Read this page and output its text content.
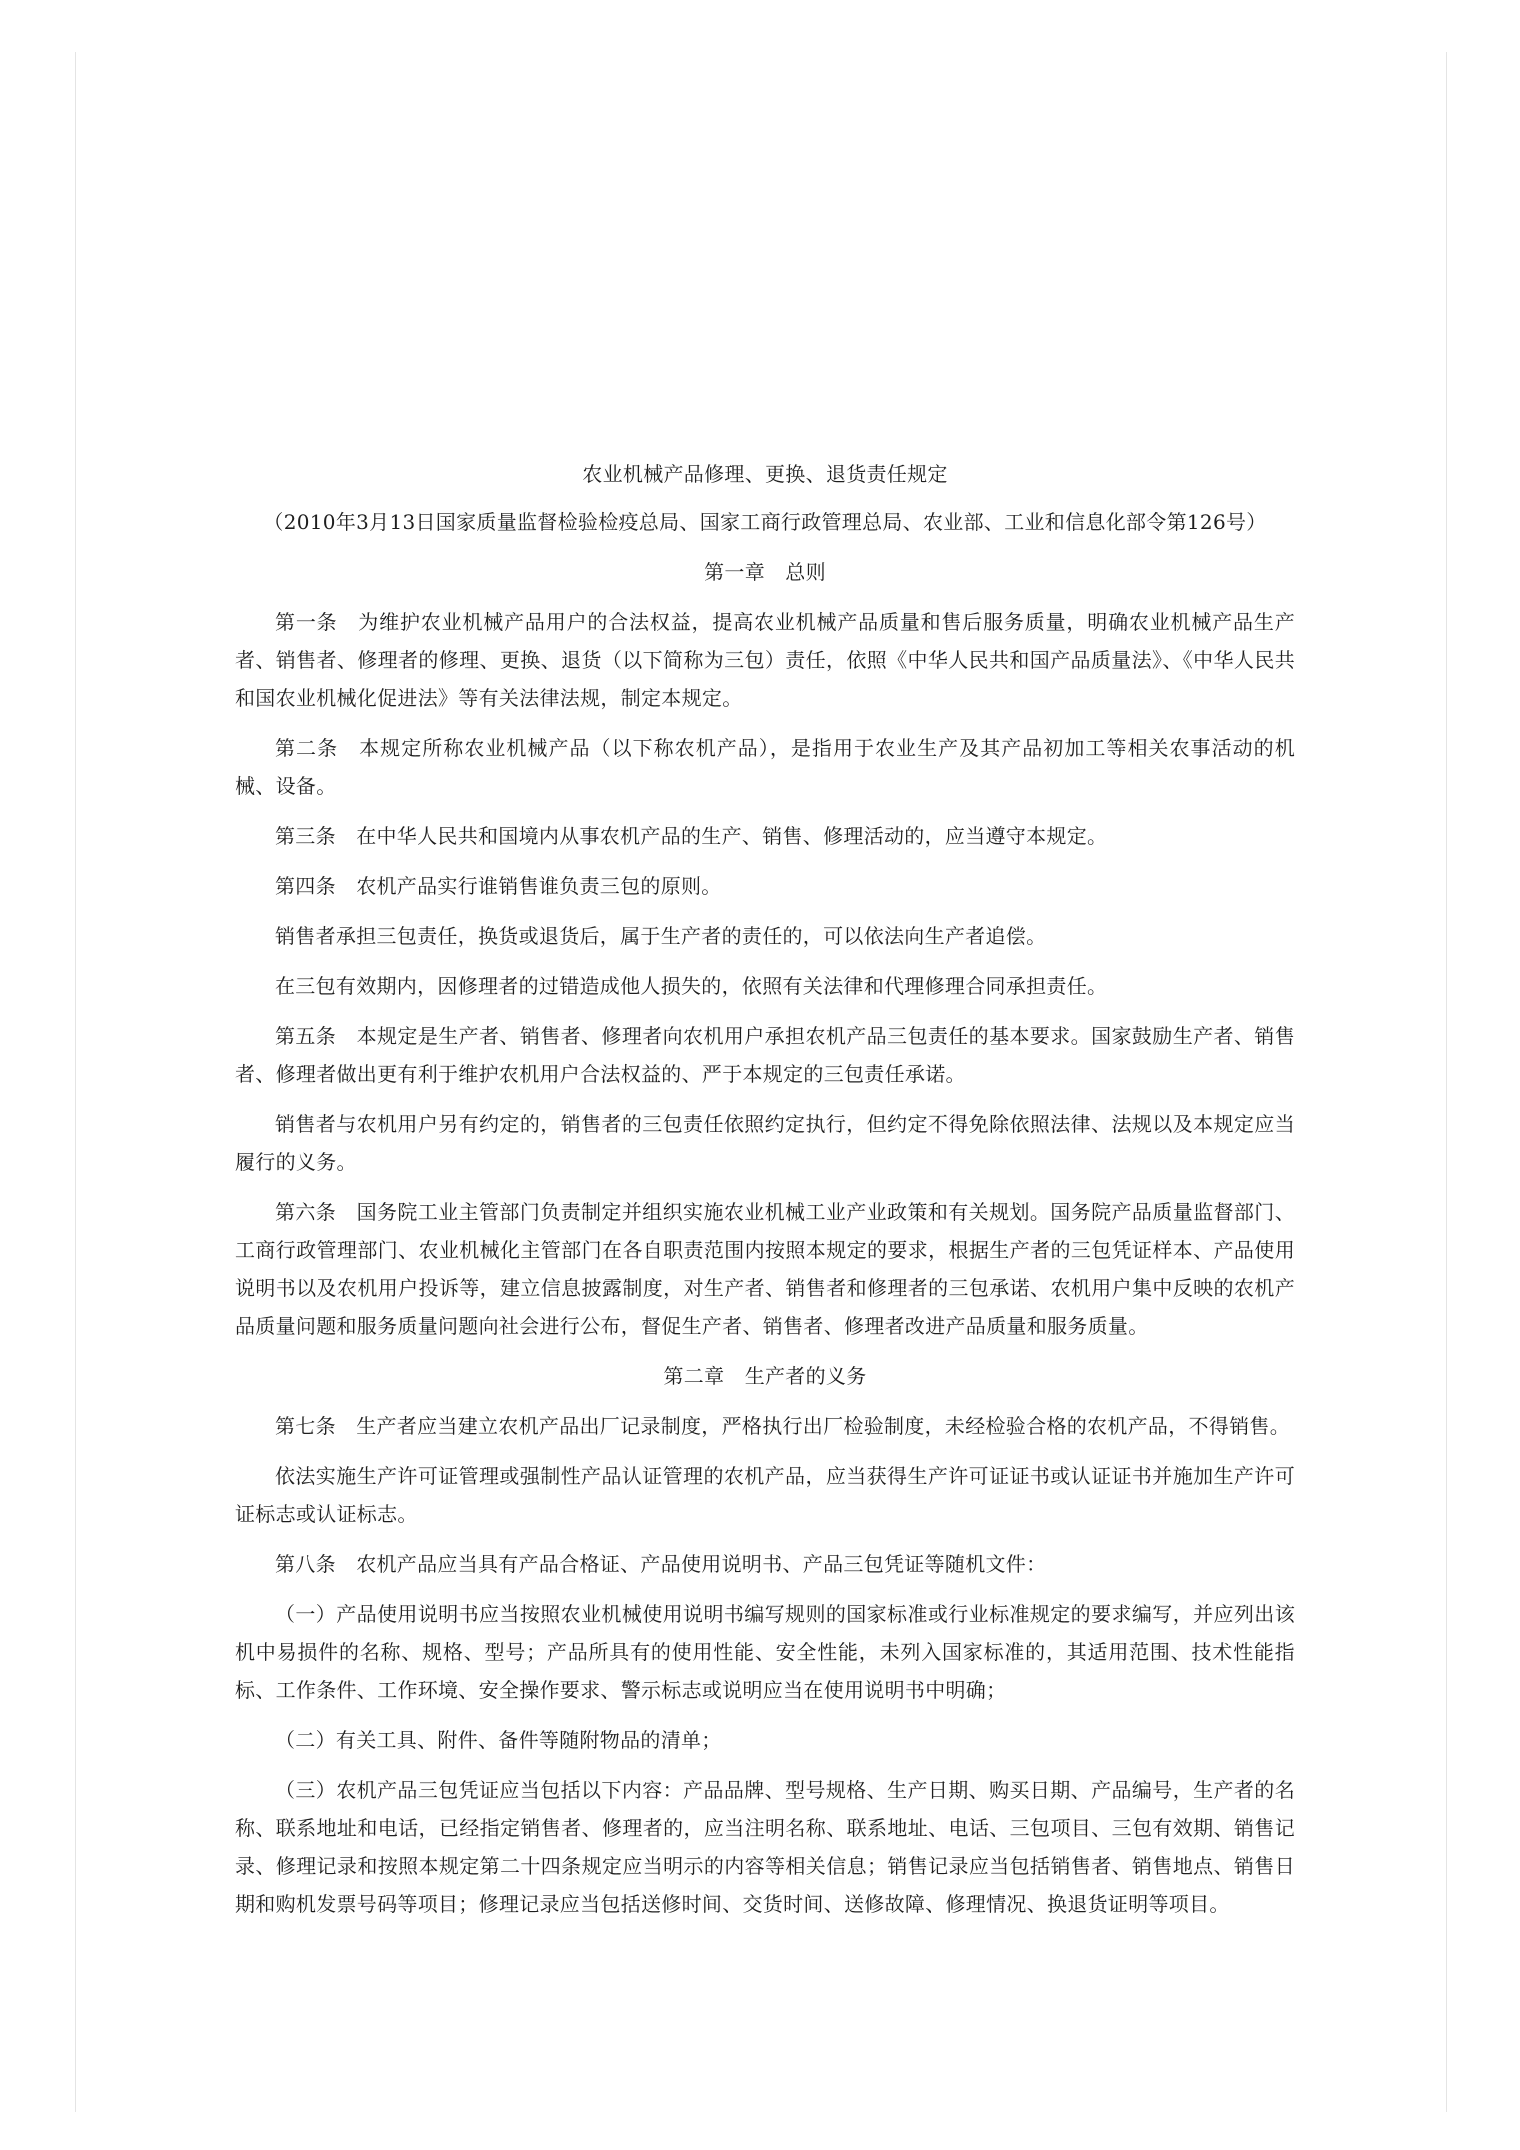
农业机械产品修理、更换、退货责任规定

（2010年3月13日国家质量监督检验检疫总局、国家工商行政管理总局、农业部、工业和信息化部令第126号）

第一章　总则

第一条　为维护农业机械产品用户的合法权益，提高农业机械产品质量和售后服务质量，明确农业机械产品生产者、销售者、修理者的修理、更换、退货（以下简称为三包）责任，依照《中华人民共和国产品质量法》、《中华人民共和国农业机械化促进法》等有关法律法规，制定本规定。

第二条　本规定所称农业机械产品（以下称农机产品），是指用于农业生产及其产品初加工等相关农事活动的机械、设备。

第三条　在中华人民共和国境内从事农机产品的生产、销售、修理活动的，应当遵守本规定。

第四条　农机产品实行谁销售谁负责三包的原则。

销售者承担三包责任，换货或退货后，属于生产者的责任的，可以依法向生产者追偿。

在三包有效期内，因修理者的过错造成他人损失的，依照有关法律和代理修理合同承担责任。

第五条　本规定是生产者、销售者、修理者向农机用户承担农机产品三包责任的基本要求。国家鼓励生产者、销售者、修理者做出更有利于维护农机用户合法权益的、严于本规定的三包责任承诺。

销售者与农机用户另有约定的，销售者的三包责任依照约定执行，但约定不得免除依照法律、法规以及本规定应当履行的义务。

第六条　国务院工业主管部门负责制定并组织实施农业机械工业产业政策和有关规划。国务院产品质量监督部门、工商行政管理部门、农业机械化主管部门在各自职责范围内按照本规定的要求，根据生产者的三包凭证样本、产品使用说明书以及农机用户投诉等，建立信息披露制度，对生产者、销售者和修理者的三包承诺、农机用户集中反映的农机产品质量问题和服务质量问题向社会进行公布，督促生产者、销售者、修理者改进产品质量和服务质量。

第二章　生产者的义务

第七条　生产者应当建立农机产品出厂记录制度，严格执行出厂检验制度，未经检验合格的农机产品，不得销售。

依法实施生产许可证管理或强制性产品认证管理的农机产品，应当获得生产许可证证书或认证证书并施加生产许可证标志或认证标志。

第八条　农机产品应当具有产品合格证、产品使用说明书、产品三包凭证等随机文件：

（一）产品使用说明书应当按照农业机械使用说明书编写规则的国家标准或行业标准规定的要求编写，并应列出该机中易损件的名称、规格、型号；产品所具有的使用性能、安全性能，未列入国家标准的，其适用范围、技术性能指标、工作条件、工作环境、安全操作要求、警示标志或说明应当在使用说明书中明确；

（二）有关工具、附件、备件等随附物品的清单；

（三）农机产品三包凭证应当包括以下内容：产品品牌、型号规格、生产日期、购买日期、产品编号，生产者的名称、联系地址和电话，已经指定销售者、修理者的，应当注明名称、联系地址、电话、三包项目、三包有效期、销售记录、修理记录和按照本规定第二十四条规定应当明示的内容等相关信息；销售记录应当包括销售者、销售地点、销售日期和购机发票号码等项目；修理记录应当包括送修时间、交货时间、送修故障、修理情况、换退货证明等项目。
